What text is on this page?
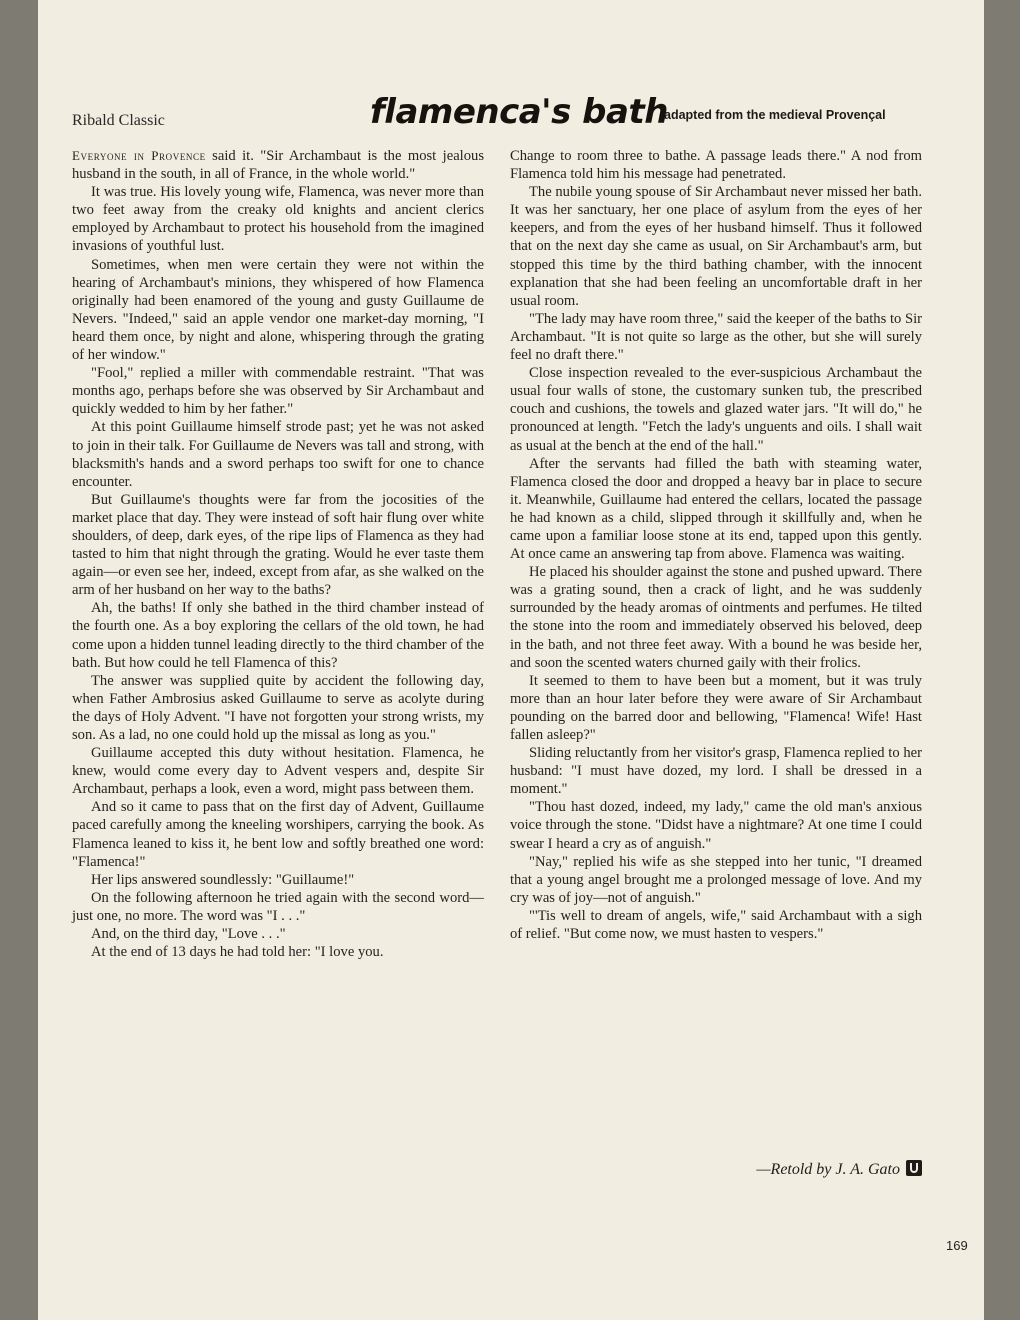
Ribald Classic	flamenca's bath
adapted from the medieval Provençal

Everyone in Provence said it. "Sir Archambaut is the most jealous husband in the south, in all of France, in the whole world."

It was true. His lovely young wife, Flamenca, was never more than two feet away from the creaky old knights and ancient clerics employed by Archambaut to protect his household from the imagined invasions of youthful lust.

Sometimes, when men were certain they were not within the hearing of Archambaut's minions, they whispered of how Flamenca originally had been enamored of the young and gusty Guillaume de Nevers. "Indeed," said an apple vendor one market-day morning, "I heard them once, by night and alone, whispering through the grating of her window."

"Fool," replied a miller with commendable restraint. "That was months ago, perhaps before she was observed by Sir Archambaut and quickly wedded to him by her father."

At this point Guillaume himself strode past; yet he was not asked to join in their talk. For Guillaume de Nevers was tall and strong, with blacksmith's hands and a sword perhaps too swift for one to chance encounter.

But Guillaume's thoughts were far from the jocosities of the market place that day. They were instead of soft hair flung over white shoulders, of deep, dark eyes, of the ripe lips of Flamenca as they had tasted to him that night through the grating. Would he ever taste them again—or even see her, indeed, except from afar, as she walked on the arm of her husband on her way to the baths?

Ah, the baths! If only she bathed in the third chamber instead of the fourth one. As a boy exploring the cellars of the old town, he had come upon a hidden tunnel leading directly to the third chamber of the bath. But how could he tell Flamenca of this?

The answer was supplied quite by accident the following day, when Father Ambrosius asked Guillaume to serve as acolyte during the days of Holy Advent. "I have not forgotten your strong wrists, my son. As a lad, no one could hold up the missal as long as you."

Guillaume accepted this duty without hesitation. Flamenca, he knew, would come every day to Advent vespers and, despite Sir Archambaut, perhaps a look, even a word, might pass between them.

And so it came to pass that on the first day of Advent, Guillaume paced carefully among the kneeling worshipers, carrying the book. As Flamenca leaned to kiss it, he bent low and softly breathed one word: "Flamenca!"

Her lips answered soundlessly: "Guillaume!"

On the following afternoon he tried again with the second word—just one, no more. The word was "I . . ."

And, on the third day, "Love . . ."

At the end of 13 days he had told her: "I love you.

Change to room three to bathe. A passage leads there." A nod from Flamenca told him his message had penetrated.

The nubile young spouse of Sir Archambaut never missed her bath. It was her sanctuary, her one place of asylum from the eyes of her keepers, and from the eyes of her husband himself. Thus it followed that on the next day she came as usual, on Sir Archambaut's arm, but stopped this time by the third bathing chamber, with the innocent explanation that she had been feeling an uncomfortable draft in her usual room.

"The lady may have room three," said the keeper of the baths to Sir Archambaut. "It is not quite so large as the other, but she will surely feel no draft there."

Close inspection revealed to the ever-suspicious Archambaut the usual four walls of stone, the customary sunken tub, the prescribed couch and cushions, the towels and glazed water jars. "It will do," he pronounced at length. "Fetch the lady's unguents and oils. I shall wait as usual at the bench at the end of the hall."

After the servants had filled the bath with steaming water, Flamenca closed the door and dropped a heavy bar in place to secure it. Meanwhile, Guillaume had entered the cellars, located the passage he had known as a child, slipped through it skillfully and, when he came upon a familiar loose stone at its end, tapped upon this gently. At once came an answering tap from above. Flamenca was waiting.

He placed his shoulder against the stone and pushed upward. There was a grating sound, then a crack of light, and he was suddenly surrounded by the heady aromas of ointments and perfumes. He tilted the stone into the room and immediately observed his beloved, deep in the bath, and not three feet away. With a bound he was beside her, and soon the scented waters churned gaily with their frolics.

It seemed to them to have been but a moment, but it was truly more than an hour later before they were aware of Sir Archambaut pounding on the barred door and bellowing, "Flamenca! Wife! Hast fallen asleep?"

Sliding reluctantly from her visitor's grasp, Flamenca replied to her husband: "I must have dozed, my lord. I shall be dressed in a moment."

"Thou hast dozed, indeed, my lady," came the old man's anxious voice through the stone. "Didst have a nightmare? At one time I could swear I heard a cry as of anguish."

"Nay," replied his wife as she stepped into her tunic, "I dreamed that a young angel brought me a prolonged message of love. And my cry was of joy—not of anguish."

"'Tis well to dream of angels, wife," said Archambaut with a sigh of relief. "But come now, we must hasten to vespers."

—Retold by J. A. Gato
169
